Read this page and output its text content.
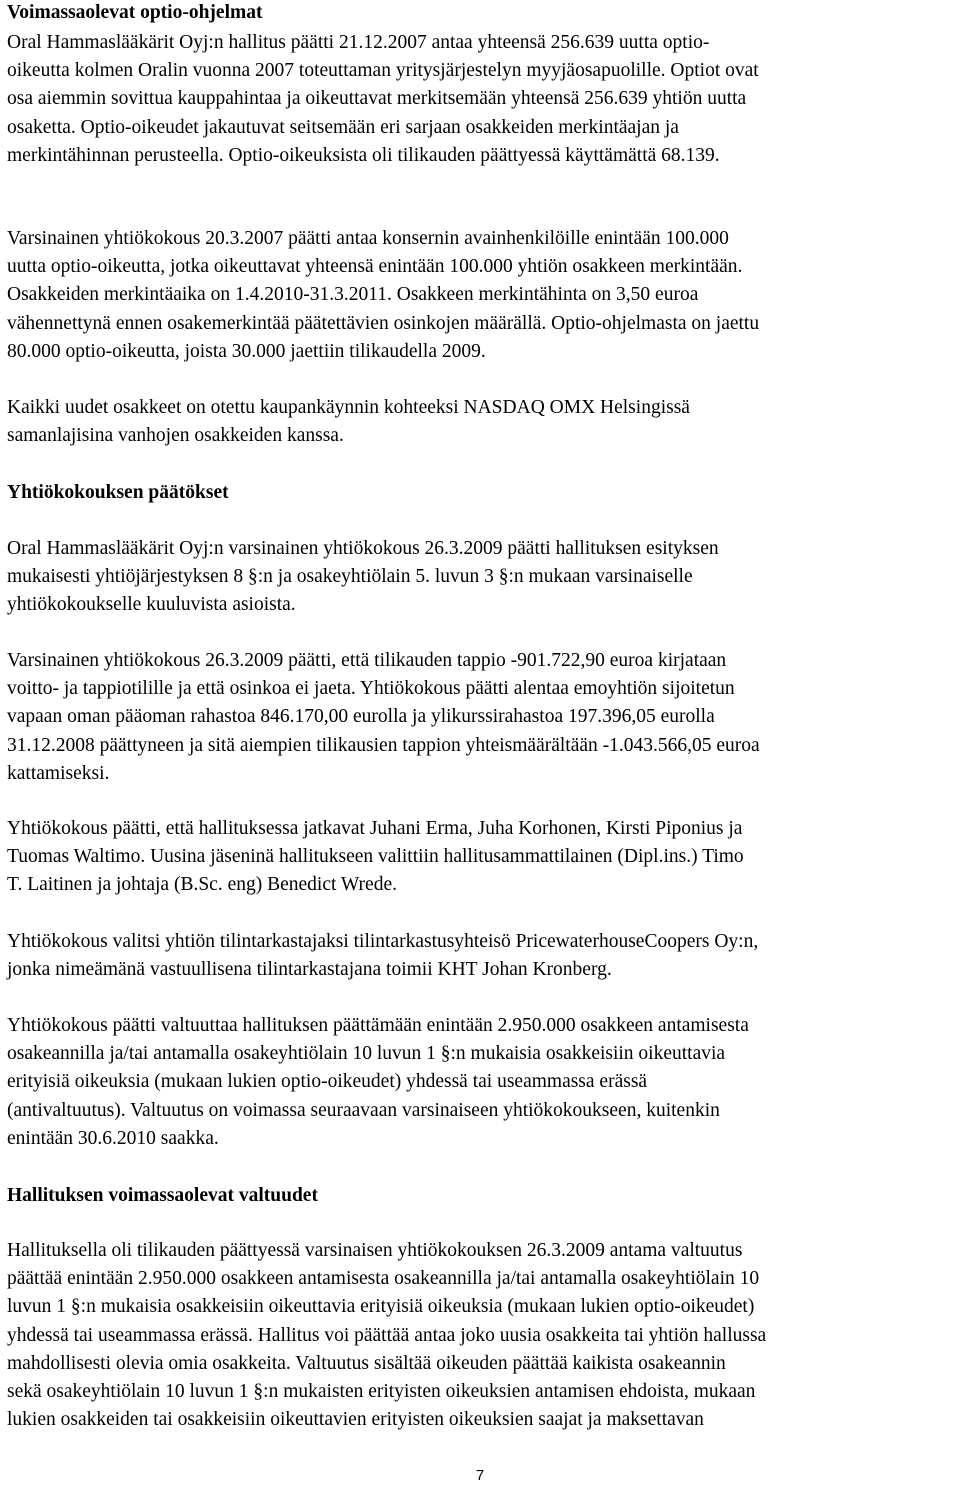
Voimassaolevat optio-ohjelmat

Oral Hammaslääkärit Oyj:n hallitus päätti 21.12.2007 antaa yhteensä 256.639 uutta optio-
oikeutta kolmen Oralin vuonna 2007 toteuttaman yritysjärjestelyn myyjäosapuolille. Optiot ovat
osa aiemmin sovittua kauppahintaa ja oikeuttavat merkitsemään yhteensä 256.639 yhtiön uutta
osaketta. Optio-oikeudet jakautuvat seitsemään eri sarjaan osakkeiden merkintäajan ja
merkintähinnan perusteella. Optio-oikeuksista oli tilikauden päättyessä käyttämättä 68.139.

Varsinainen yhtiökokous 20.3.2007 päätti antaa konsernin avainhenkilöille enintään 100.000
uutta optio-oikeutta, jotka oikeuttavat yhteensä enintään 100.000 yhtiön osakkeen merkintään.
Osakkeiden merkintäaika on 1.4.2010-31.3.2011. Osakkeen merkintähinta on 3,50 euroa
vähennettynä ennen osakemerkintää päätettävien osinkojen määrällä. Optio-ohjelmasta on jaettu
80.000 optio-oikeutta, joista 30.000 jaettiin tilikaudella 2009.

Kaikki uudet osakkeet on otettu kaupankäynnin kohteeksi NASDAQ OMX Helsingissä
samanlajisina vanhojen osakkeiden kanssa.

Yhtiökokouksen päätökset

Oral Hammaslääkärit Oyj:n varsinainen yhtiökokous 26.3.2009 päätti hallituksen esityksen
mukaisesti yhtiöjärjestyksen 8 §:n ja osakeyhtiölain 5. luvun 3 §:n mukaan varsinaiselle
yhtiökokoukselle kuuluvista asioista.

Varsinainen yhtiökokous 26.3.2009 päätti, että tilikauden tappio -901.722,90 euroa kirjataan
voitto- ja tappiotilille ja että osinkoa ei jaeta. Yhtiökokous päätti alentaa emoyhtiön sijoitetun
vapaan oman pääoman rahastoa 846.170,00 eurolla ja ylikurssirahastoa 197.396,05 eurolla
31.12.2008 päättyneen ja sitä aiempien tilikausien tappion yhteismäärältään -1.043.566,05 euroa
kattamiseksi.

Yhtiökokous päätti, että hallituksessa jatkavat Juhani Erma, Juha Korhonen, Kirsti Piponius ja
Tuomas Waltimo. Uusina jäseninä hallitukseen valittiin hallitusammattilainen (Dipl.ins.) Timo
T. Laitinen ja johtaja (B.Sc. eng) Benedict Wrede.

Yhtiökokous valitsi yhtiön tilintarkastajaksi tilintarkastusyhteisö PricewaterhouseCoopers Oy:n,
jonka nimeämänä vastuullisena tilintarkastajana toimii KHT Johan Kronberg.

Yhtiökokous päätti valtuuttaa hallituksen päättämään enintään 2.950.000 osakkeen antamisesta
osakeannilla ja/tai antamalla osakeyhtiölain 10 luvun 1 §:n mukaisia osakkeisiin oikeuttavia
erityisiä oikeuksia (mukaan lukien optio-oikeudet) yhdessä tai useammassa erässä
(antivaltuutus). Valtuutus on voimassa seuraavaan varsinaiseen yhtiökokoukseen, kuitenkin
enintään 30.6.2010 saakka.

Hallituksen voimassaolevat valtuudet

Hallituksella oli tilikauden päättyessä varsinaisen yhtiökokouksen 26.3.2009 antama valtuutus
päättää enintään 2.950.000 osakkeen antamisesta osakeannilla ja/tai antamalla osakeyhtiölain 10
luvun 1 §:n mukaisia osakkeisiin oikeuttavia erityisiä oikeuksia (mukaan lukien optio-oikeudet)
yhdessä tai useammassa erässä. Hallitus voi päättää antaa joko uusia osakkeita tai yhtiön hallussa
mahdollisesti olevia omia osakkeita. Valtuutus sisältää oikeuden päättää kaikista osakeannin
sekä osakeyhtiölain 10 luvun 1 §:n mukaisten erityisten oikeuksien antamisen ehdoista, mukaan
lukien osakkeiden tai osakkeisiin oikeuttavien erityisten oikeuksien saajat ja maksettavan

7
